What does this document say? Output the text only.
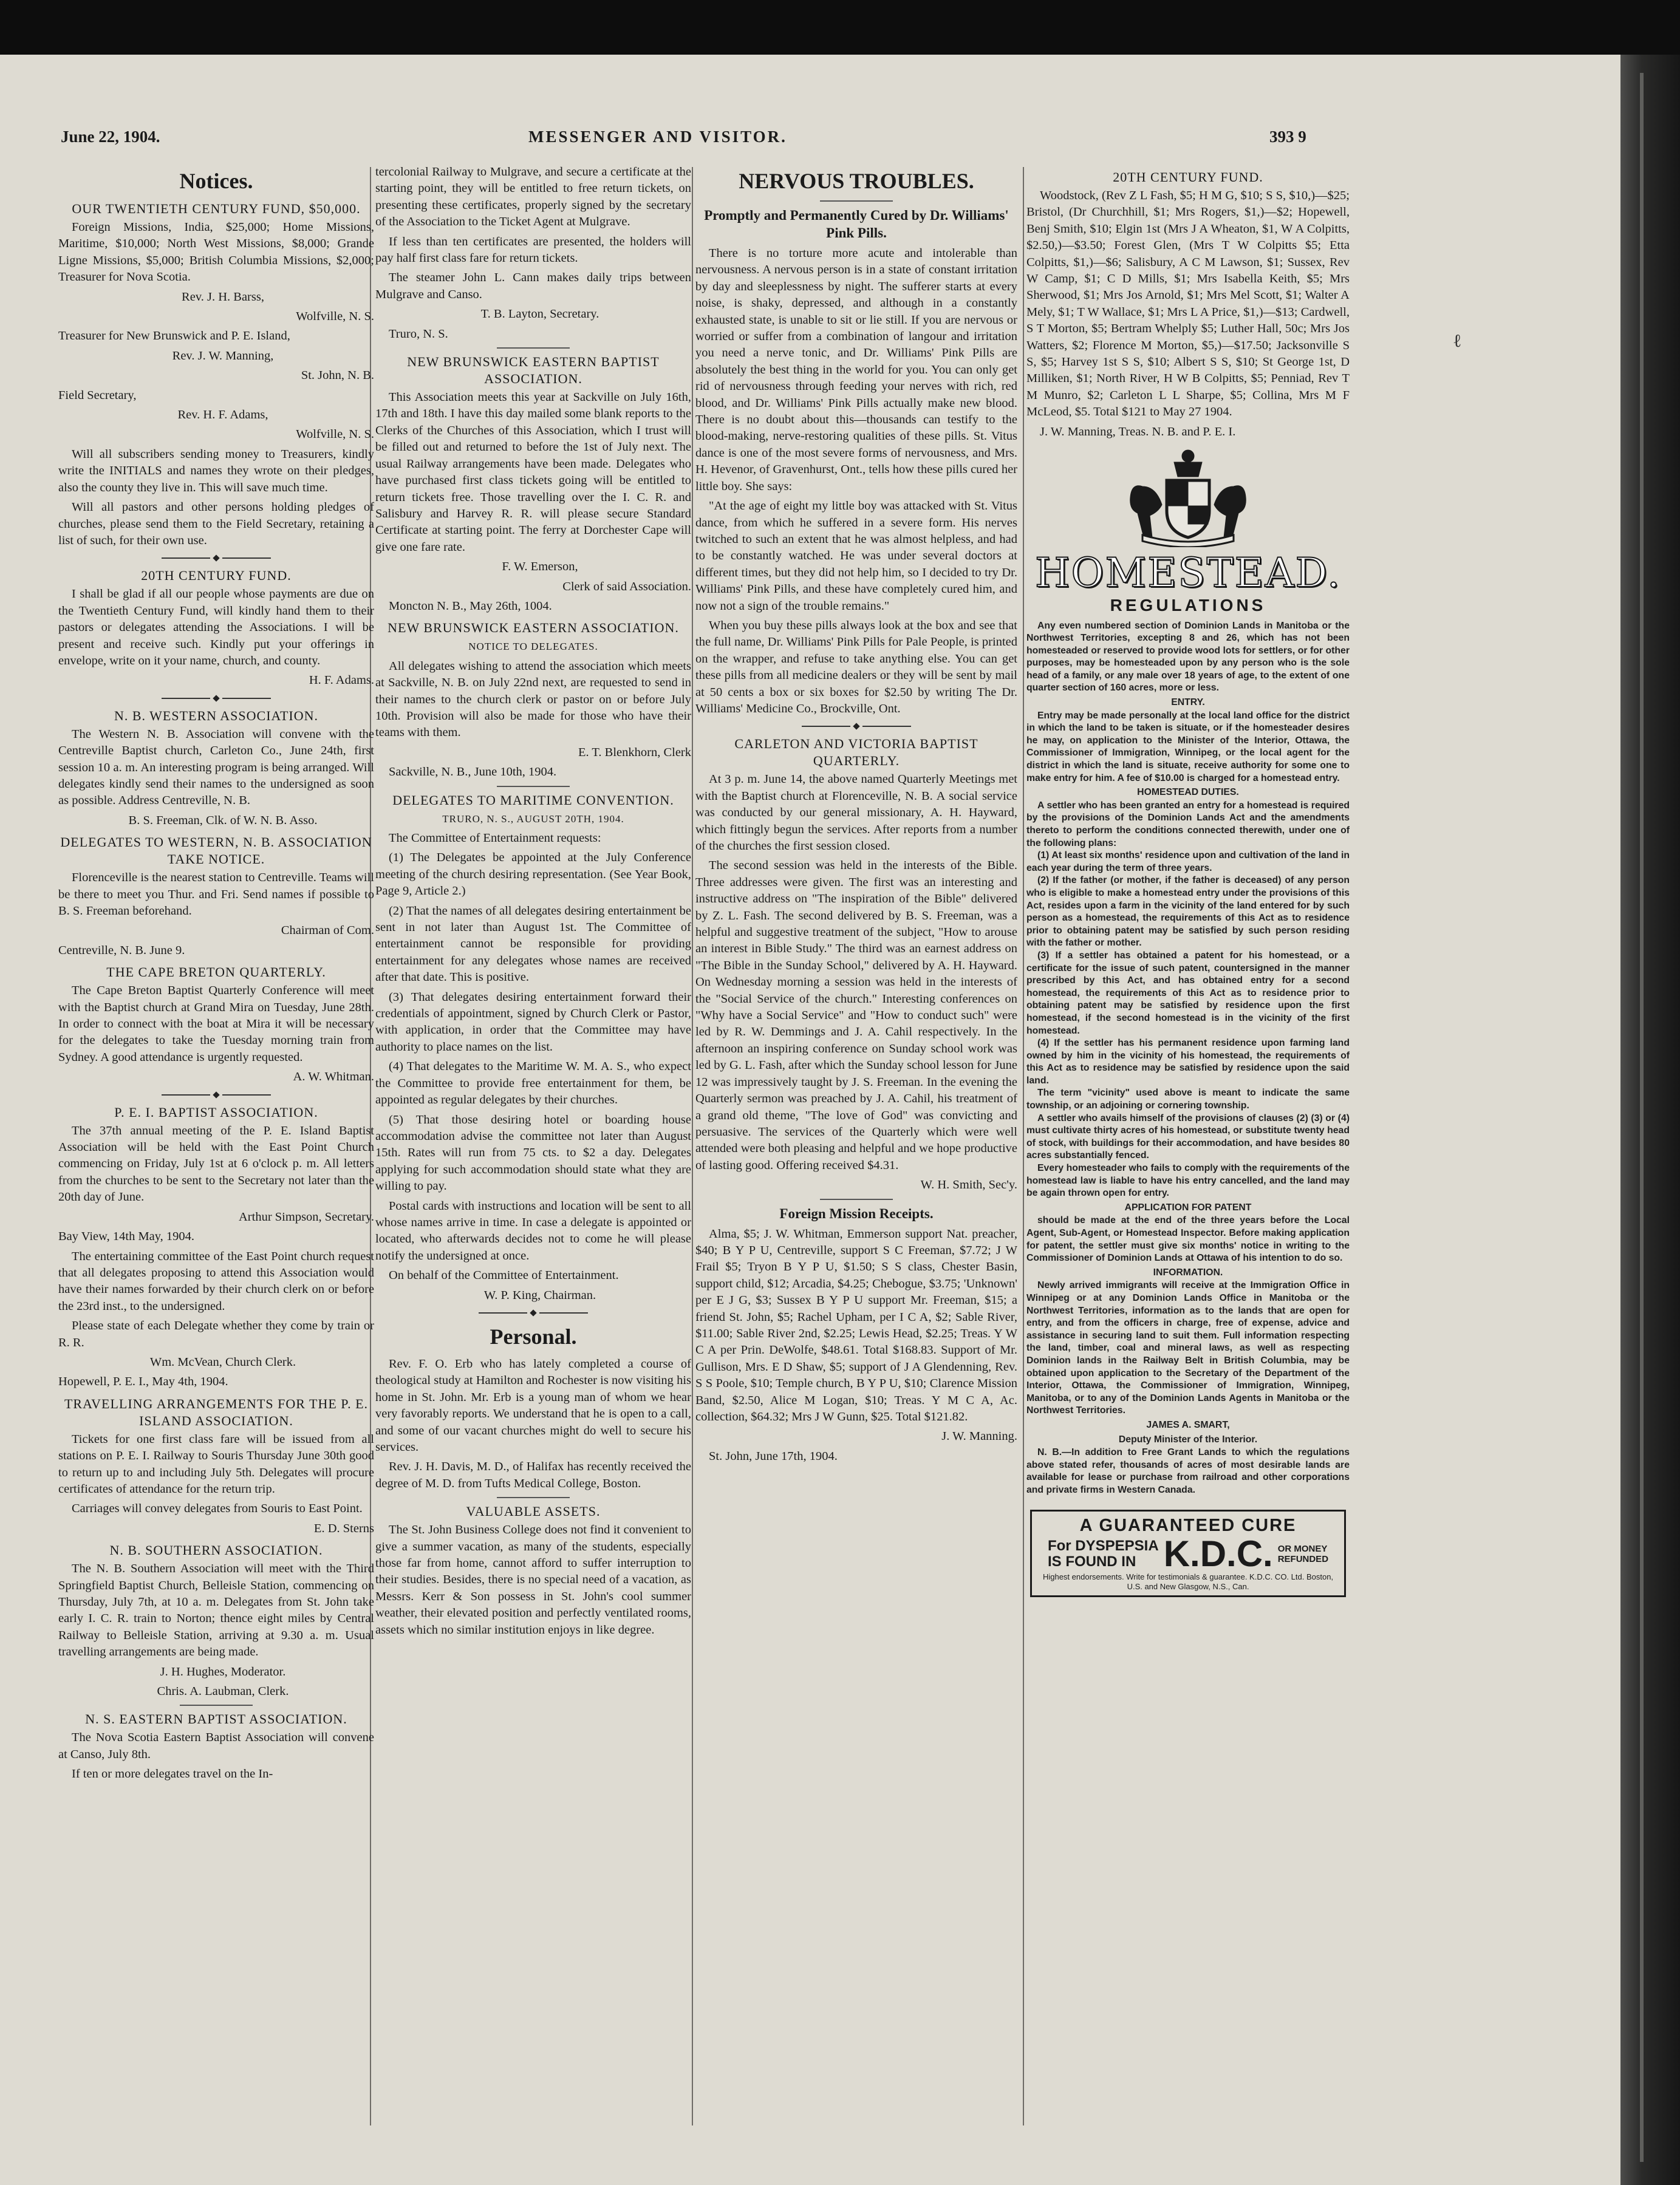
June 22, 1904.	MESSENGER AND VISITOR.	393 9
ℓ
Notices.
OUR TWENTIETH CENTURY FUND, $50,000.

Foreign Missions, India, $25,000; Home Missions, Maritime, $10,000; North West Missions, $8,000; Grande Ligne Missions, $5,000; British Columbia Missions, $2,000; Treasurer for Nova Scotia.

Rev. J. H. Barss,

Wolfville, N. S.

Treasurer for New Brunswick and P. E. Island,

Rev. J. W. Manning,

St. John, N. B.

Field Secretary,

Rev. H. F. Adams,

Wolfville, N. S.

Will all subscribers sending money to Treasurers, kindly write the INITIALS and names they wrote on their pledges, also the county they live in. This will save much time.

Will all pastors and other persons holding pledges of churches, please send them to the Field Secretary, retaining a list of such, for their own use.

20TH CENTURY FUND.

I shall be glad if all our people whose payments are due on the Twentieth Century Fund, will kindly hand them to their pastors or delegates attending the Associations. I will be present and receive such. Kindly put your offerings in envelope, write on it your name, church, and county.

H. F. Adams.

N. B. WESTERN ASSOCIATION.

The Western N. B. Association will convene with the Centreville Baptist church, Carleton Co., June 24th, first session 10 a. m. An interesting program is being arranged. Will delegates kindly send their names to the undersigned as soon as possible. Address Centreville, N. B.

B. S. Freeman, Clk. of W. N. B. Asso.

DELEGATES TO WESTERN, N. B. ASSOCIATION TAKE NOTICE.

Florenceville is the nearest station to Centreville. Teams will be there to meet you Thur. and Fri. Send names if possible to B. S. Freeman beforehand.

Chairman of Com.

Centreville, N. B. June 9.

THE CAPE BRETON QUARTERLY.

The Cape Breton Baptist Quarterly Conference will meet with the Baptist church at Grand Mira on Tuesday, June 28th. In order to connect with the boat at Mira it will be necessary for the delegates to take the Tuesday morning train from Sydney. A good attendance is urgently requested.

A. W. Whitman.

P. E. I. BAPTIST ASSOCIATION.

The 37th annual meeting of the P. E. Island Baptist Association will be held with the East Point Church commencing on Friday, July 1st at 6 o'clock p. m. All letters from the churches to be sent to the Secretary not later than the 20th day of June.

Arthur Simpson, Secretary.

Bay View, 14th May, 1904.

The entertaining committee of the East Point church request that all delegates proposing to attend this Association would have their names forwarded by their church clerk on or before the 23rd inst., to the undersigned.

Please state of each Delegate whether they come by train or R. R.

Wm. McVean, Church Clerk.

Hopewell, P. E. I., May 4th, 1904.

TRAVELLING ARRANGEMENTS FOR THE P. E. ISLAND ASSOCIATION.

Tickets for one first class fare will be issued from all stations on P. E. I. Railway to Souris Thursday June 30th good to return up to and including July 5th. Delegates will procure certificates of attendance for the return trip.

Carriages will convey delegates from Souris to East Point.

E. D. Sterns

N. B. SOUTHERN ASSOCIATION.

The N. B. Southern Association will meet with the Third Springfield Baptist Church, Belleisle Station, commencing on Thursday, July 7th, at 10 a. m. Delegates from St. John take early I. C. R. train to Norton; thence eight miles by Central Railway to Belleisle Station, arriving at 9.30 a. m. Usual travelling arrangements are being made.

J. H. Hughes, Moderator.

Chris. A. Laubman, Clerk.

N. S. EASTERN BAPTIST ASSOCIATION.

The Nova Scotia Eastern Baptist Association will convene at Canso, July 8th.

If ten or more delegates travel on the In-

tercolonial Railway to Mulgrave, and secure a certificate at the starting point, they will be entitled to free return tickets, on presenting these certificates, properly signed by the secretary of the Association to the Ticket Agent at Mulgrave.

If less than ten certificates are presented, the holders will pay half first class fare for return tickets.

The steamer John L. Cann makes daily trips between Mulgrave and Canso.

T. B. Layton, Secretary.

Truro, N. S.

NEW BRUNSWICK EASTERN BAPTIST ASSOCIATION.

This Association meets this year at Sackville on July 16th, 17th and 18th. I have this day mailed some blank reports to the Clerks of the Churches of this Association, which I trust will be filled out and returned to before the 1st of July next. The usual Railway arrangements have been made. Delegates who have purchased first class tickets going will be entitled to return tickets free. Those travelling over the I. C. R. and Salisbury and Harvey R. R. will please secure Standard Certificate at starting point. The ferry at Dorchester Cape will give one fare rate.

F. W. Emerson,

Clerk of said Association.

Moncton N. B., May 26th, 1004.

NEW BRUNSWICK EASTERN ASSOCIATION.
NOTICE TO DELEGATES.

All delegates wishing to attend the association which meets at Sackville, N. B. on July 22nd next, are requested to send in their names to the church clerk or pastor on or before July 10th. Provision will also be made for those who have their teams with them.

E. T. Blenkhorn, Clerk

Sackville, N. B., June 10th, 1904.

DELEGATES TO MARITIME CONVENTION.
TRURO, N. S., AUGUST 20TH, 1904.

The Committee of Entertainment requests:

(1) The Delegates be appointed at the July Conference meeting of the church desiring representation. (See Year Book, Page 9, Article 2.)

(2) That the names of all delegates desiring entertainment be sent in not later than August 1st. The Committee of entertainment cannot be responsible for providing entertainment for any delegates whose names are received after that date. This is positive.

(3) That delegates desiring entertainment forward their credentials of appointment, signed by Church Clerk or Pastor, with application, in order that the Committee may have authority to place names on the list.

(4) That delegates to the Maritime W. M. A. S., who expect the Committee to provide free entertainment for them, be appointed as regular delegates by their churches.

(5) That those desiring hotel or boarding house accommodation advise the committee not later than August 15th. Rates will run from 75 cts. to $2 a day. Delegates applying for such accommodation should state what they are willing to pay.

Postal cards with instructions and location will be sent to all whose names arrive in time. In case a delegate is appointed or located, who afterwards decides not to come he will please notify the undersigned at once.

On behalf of the Committee of Entertainment.

W. P. King, Chairman.

Personal.

Rev. F. O. Erb who has lately completed a course of theological study at Hamilton and Rochester is now visiting his home in St. John. Mr. Erb is a young man of whom we hear very favorably reports. We understand that he is open to a call, and some of our vacant churches might do well to secure his services.

Rev. J. H. Davis, M. D., of Halifax has recently received the degree of M. D. from Tufts Medical College, Boston.

VALUABLE ASSETS.

The St. John Business College does not find it convenient to give a summer vacation, as many of the students, especially those far from home, cannot afford to suffer interruption to their studies. Besides, there is no special need of a vacation, as Messrs. Kerr & Son possess in St. John's cool summer weather, their elevated position and perfectly ventilated rooms, assets which no similar institution enjoys in like degree.

NERVOUS TROUBLES.
Promptly and Permanently Cured by Dr. Williams' Pink Pills.

There is no torture more acute and intolerable than nervousness. A nervous person is in a state of constant irritation by day and sleeplessness by night. The sufferer starts at every noise, is shaky, depressed, and although in a constantly exhausted state, is unable to sit or lie still. If you are nervous or worried or suffer from a combination of langour and irritation you need a nerve tonic, and Dr. Williams' Pink Pills are absolutely the best thing in the world for you. You can only get rid of nervousness through feeding your nerves with rich, red blood, and Dr. Williams' Pink Pills actually make new blood. There is no doubt about this—thousands can testify to the blood-making, nerve-restoring qualities of these pills. St. Vitus dance is one of the most severe forms of nervousness, and Mrs. H. Hevenor, of Gravenhurst, Ont., tells how these pills cured her little boy. She says:

"At the age of eight my little boy was attacked with St. Vitus dance, from which he suffered in a severe form. His nerves twitched to such an extent that he was almost helpless, and had to be constantly watched. He was under several doctors at different times, but they did not help him, so I decided to try Dr. Williams' Pink Pills, and these have completely cured him, and now not a sign of the trouble remains."

When you buy these pills always look at the box and see that the full name, Dr. Williams' Pink Pills for Pale People, is printed on the wrapper, and refuse to take anything else. You can get these pills from all medicine dealers or they will be sent by mail at 50 cents a box or six boxes for $2.50 by writing The Dr. Williams' Medicine Co., Brockville, Ont.

CARLETON AND VICTORIA BAPTIST QUARTERLY.

At 3 p. m. June 14, the above named Quarterly Meetings met with the Baptist church at Florenceville, N. B. A social service was conducted by our general missionary, A. H. Hayward, which fittingly begun the services. After reports from a number of the churches the first session closed.

The second session was held in the interests of the Bible. Three addresses were given. The first was an interesting and instructive address on "The inspiration of the Bible" delivered by Z. L. Fash. The second delivered by B. S. Freeman, was a helpful and suggestive treatment of the subject, "How to arouse an interest in Bible Study." The third was an earnest address on "The Bible in the Sunday School," delivered by A. H. Hayward. On Wednesday morning a session was held in the interests of the "Social Service of the church." Interesting conferences on "Why have a Social Service" and "How to conduct such" were led by R. W. Demmings and J. A. Cahil respectively. In the afternoon an inspiring conference on Sunday school work was led by G. L. Fash, after which the Sunday school lesson for June 12 was impressively taught by J. S. Freeman. In the evening the Quarterly sermon was preached by J. A. Cahil, his treatment of a grand old theme, "The love of God" was convicting and persuasive. The services of the Quarterly which were well attended were both pleasing and helpful and we hope productive of lasting good. Offering received $4.31.

W. H. Smith, Sec'y.

Foreign Mission Receipts.

Alma, $5; J. W. Whitman, Emmerson support Nat. preacher, $40; B Y P U, Centreville, support S C Freeman, $7.72; J W Frail $5; Tryon B Y P U, $1.50; S S class, Chester Basin, support child, $12; Arcadia, $4.25; Chebogue, $3.75; 'Unknown' per E J G, $3; Sussex B Y P U support Mr. Freeman, $15; a friend St. John, $5; Rachel Upham, per I C A, $2; Sable River, $11.00; Sable River 2nd, $2.25; Lewis Head, $2.25; Treas. Y W C A per Prin. DeWolfe, $48.61. Total $168.83. Support of Mr. Gullison, Mrs. E D Shaw, $5; support of J A Glendenning, Rev. S S Poole, $10; Temple church, B Y P U, $10; Clarence Mission Band, $2.50, Alice M Logan, $10; Treas. Y M C A, Ac. collection, $64.32; Mrs J W Gunn, $25. Total $121.82.

J. W. Manning.

St. John, June 17th, 1904.

20TH CENTURY FUND.

Woodstock, (Rev Z L Fash, $5; H M G, $10; S S, $10,)—$25; Bristol, (Dr Churchhill, $1; Mrs Rogers, $1,)—$2; Hopewell, Benj Smith, $10; Elgin 1st (Mrs J A Wheaton, $1, W A Colpitts, $2.50,)—$3.50; Forest Glen, (Mrs T W Colpitts $5; Etta Colpitts, $1,)—$6; Salisbury, A C M Lawson, $1; Sussex, Rev W Camp, $1; C D Mills, $1; Mrs Isabella Keith, $5; Mrs Sherwood, $1; Mrs Jos Arnold, $1; Mrs Mel Scott, $1; Walter A Mely, $1; T W Wallace, $1; Mrs L A Price, $1,)—$13; Cardwell, S T Morton, $5; Bertram Whelply $5; Luther Hall, 50c; Mrs Jos Watters, $2; Florence M Morton, $5,)—$17.50; Jacksonville S S, $5; Harvey 1st S S, $10; Albert S S, $10; St George 1st, D Milliken, $1; North River, H W B Colpitts, $5; Penniad, Rev T M Munro, $2; Carleton L L Sharpe, $5; Collina, Mrs M F McLeod, $5. Total $121 to May 27 1904.

J. W. Manning, Treas. N. B. and P. E. I.

HOMESTEAD.
REGULATIONS

Any even numbered section of Dominion Lands in Manitoba or the Northwest Territories, excepting 8 and 26, which has not been homesteaded or reserved to provide wood lots for settlers, or for other purposes, may be homesteaded upon by any person who is the sole head of a family, or any male over 18 years of age, to the extent of one quarter section of 160 acres, more or less.

ENTRY.

Entry may be made personally at the local land office for the district in which the land to be taken is situate, or if the homesteader desires he may, on application to the Minister of the Interior, Ottawa, the Commissioner of Immigration, Winnipeg, or the local agent for the district in which the land is situate, receive authority for some one to make entry for him. A fee of $10.00 is charged for a homestead entry.

HOMESTEAD DUTIES.

A settler who has been granted an entry for a homestead is required by the provisions of the Dominion Lands Act and the amendments thereto to perform the conditions connected therewith, under one of the following plans:

(1) At least six months' residence upon and cultivation of the land in each year during the term of three years.

(2) If the father (or mother, if the father is deceased) of any person who is eligible to make a homestead entry under the provisions of this Act, resides upon a farm in the vicinity of the land entered for by such person as a homestead, the requirements of this Act as to residence prior to obtaining patent may be satisfied by such person residing with the father or mother.

(3) If a settler has obtained a patent for his homestead, or a certificate for the issue of such patent, countersigned in the manner prescribed by this Act, and has obtained entry for a second homestead, the requirements of this Act as to residence prior to obtaining patent may be satisfied by residence upon the first homestead, if the second homestead is in the vicinity of the first homestead.

(4) If the settler has his permanent residence upon farming land owned by him in the vicinity of his homestead, the requirements of this Act as to residence may be satisfied by residence upon the said land.

The term "vicinity" used above is meant to indicate the same township, or an adjoining or cornering township.

A settler who avails himself of the provisions of clauses (2) (3) or (4) must cultivate thirty acres of his homestead, or substitute twenty head of stock, with buildings for their accommodation, and have besides 80 acres substantially fenced.

Every homesteader who fails to comply with the requirements of the homestead law is liable to have his entry cancelled, and the land may be again thrown open for entry.

APPLICATION FOR PATENT

should be made at the end of the three years before the Local Agent, Sub-Agent, or Homestead Inspector. Before making application for patent, the settler must give six months' notice in writing to the Commissioner of Dominion Lands at Ottawa of his intention to do so.

INFORMATION.

Newly arrived immigrants will receive at the Immigration Office in Winnipeg or at any Dominion Lands Office in Manitoba or the Northwest Territories, information as to the lands that are open for entry, and from the officers in charge, free of expense, advice and assistance in securing land to suit them. Full information respecting the land, timber, coal and mineral laws, as well as respecting Dominion lands in the Railway Belt in British Columbia, may be obtained upon application to the Secretary of the Department of the Interior, Ottawa, the Commissioner of Immigration, Winnipeg, Manitoba, or to any of the Dominion Lands Agents in Manitoba or the Northwest Territories.

JAMES A. SMART,

Deputy Minister of the Interior.

N. B.—In addition to Free Grant Lands to which the regulations above stated refer, thousands of acres of most desirable lands are available for lease or purchase from railroad and other corporations and private firms in Western Canada.

A GUARANTEED CURE
For DYSPEPSIA
IS FOUND IN K.D.C. OR MONEY
REFUNDED
Highest endorsements. Write for testimonials & guarantee. K.D.C. CO. Ltd. Boston, U.S. and New Glasgow, N.S., Can.
